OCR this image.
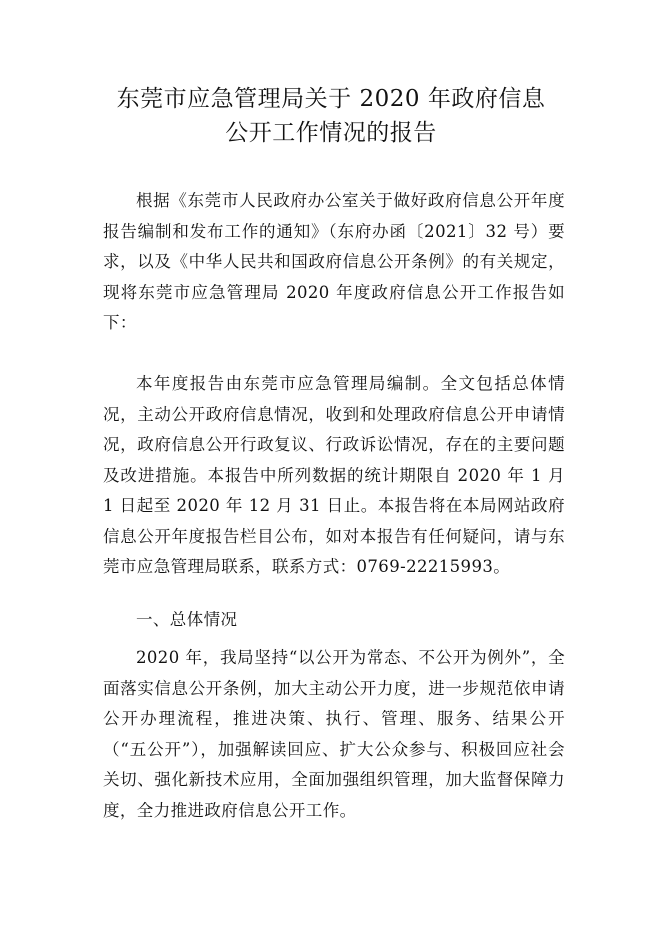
东莞市应急管理局关于 2020 年政府信息
公开工作情况的报告

根据《东莞市人民政府办公室关于做好政府信息公开年度报告编制和发布工作的通知》（东府办函〔2021〕32 号）要求，以及《中华人民共和国政府信息公开条例》的有关规定，现将东莞市应急管理局 2020 年度政府信息公开工作报告如下：

本年度报告由东莞市应急管理局编制。全文包括总体情况，主动公开政府信息情况，收到和处理政府信息公开申请情况，政府信息公开行政复议、行政诉讼情况，存在的主要问题及改进措施。本报告中所列数据的统计期限自 2020 年 1 月 1 日起至 2020 年 12 月 31 日止。本报告将在本局网站政府信息公开年度报告栏目公布，如对本报告有任何疑问，请与东莞市应急管理局联系，联系方式：0769-22215993。

一、总体情况

2020 年，我局坚持“以公开为常态、不公开为例外”，全面落实信息公开条例，加大主动公开力度，进一步规范依申请公开办理流程，推进决策、执行、管理、服务、结果公开（“五公开”），加强解读回应、扩大公众参与、积极回应社会关切、强化新技术应用，全面加强组织管理，加大监督保障力度，全力推进政府信息公开工作。
